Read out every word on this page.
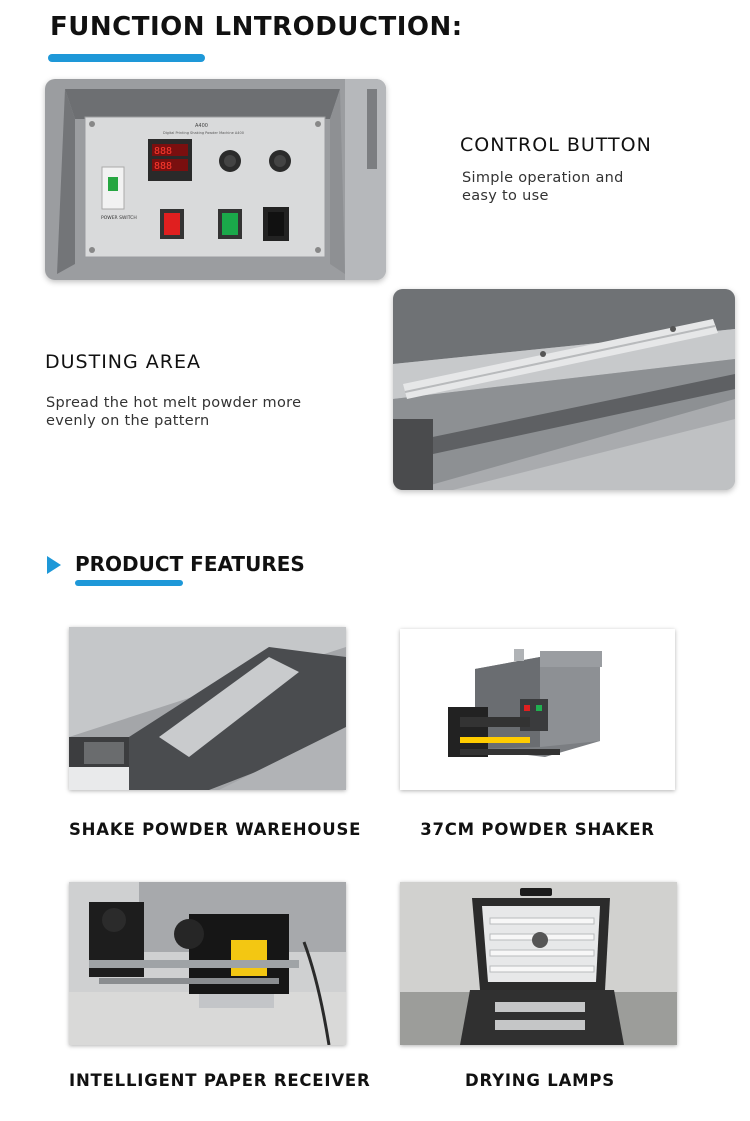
FUNCTION LNTRODUCTION:
888
888
A400
Digital Printing Shaking Powder Machine A400
POWER SWITCH
CONTROL BUTTON
Simple operation and
easy to use
DUSTING AREA
Spread the hot melt powder more
evenly on the pattern
PRODUCT FEATURES
SHAKE POWDER WAREHOUSE	37CM POWDER SHAKER
INTELLIGENT PAPER RECEIVER	DRYING LAMPS
